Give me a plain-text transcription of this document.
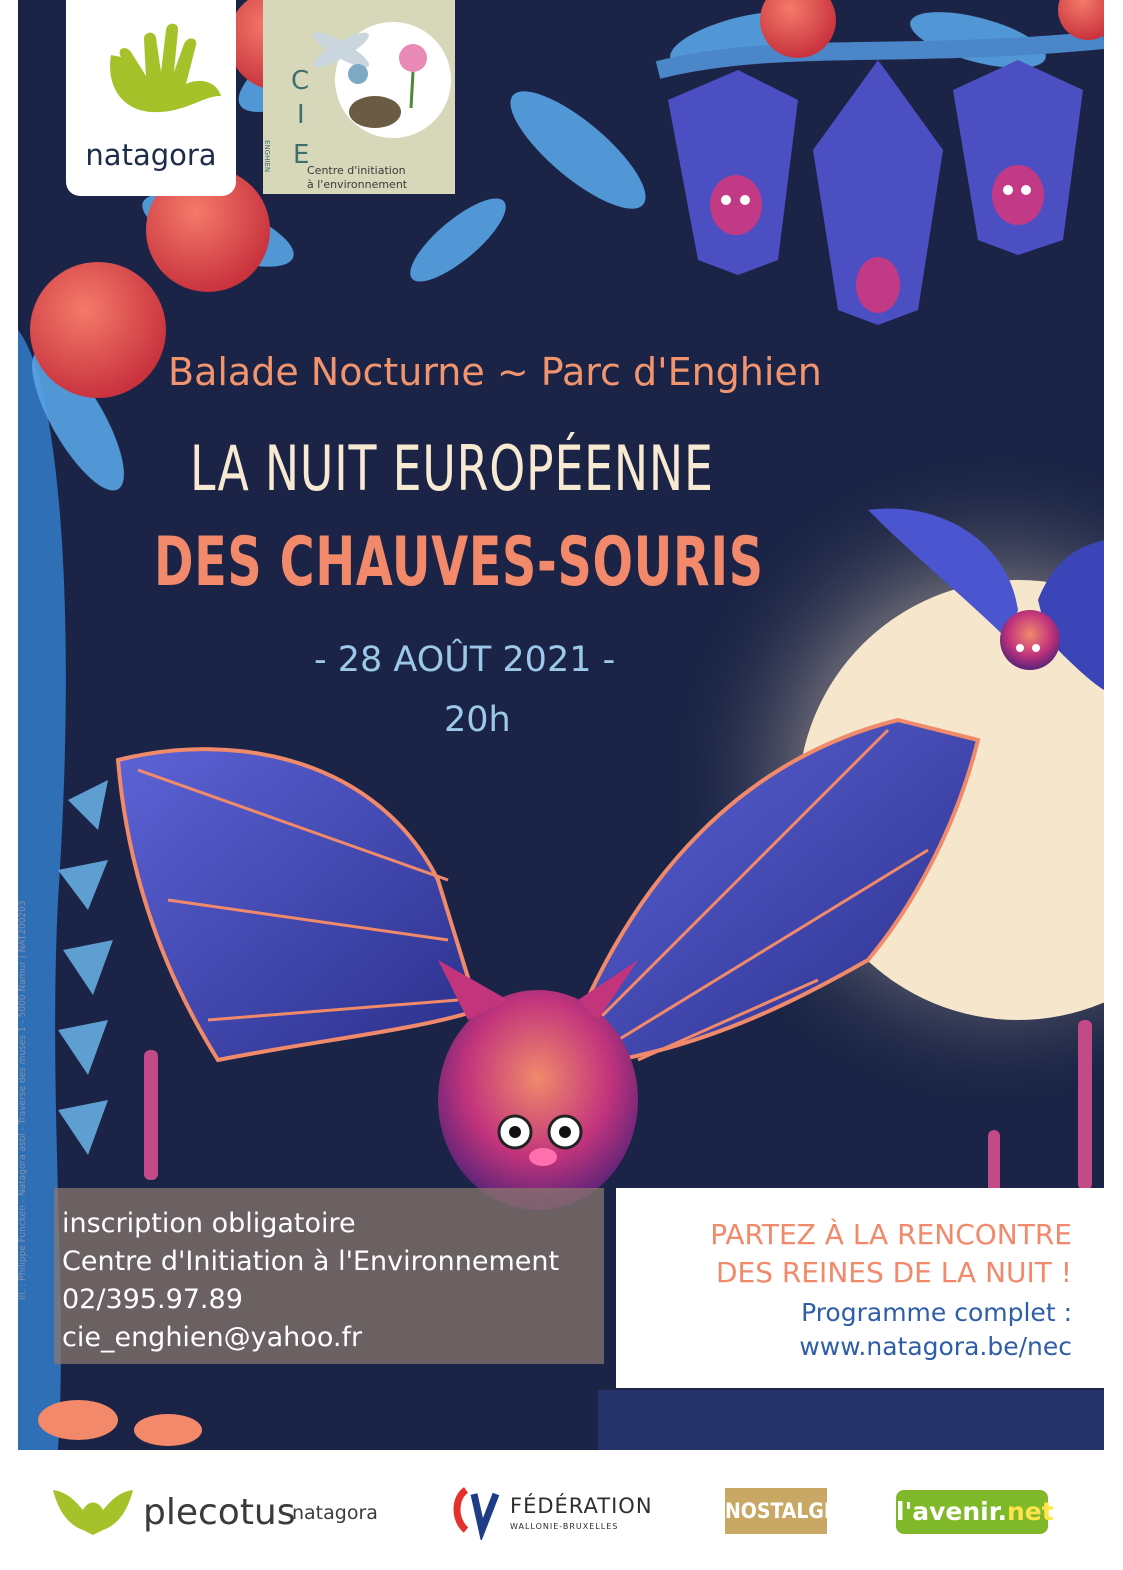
natagora
C
I
E
ENGHIEN	Centre d'initiation
à l'environnement
Balade Nocturne ~ Parc d'Enghien
LA NUIT EUROPÉENNE
DES CHAUVES-SOURIS
- 28 AOÛT 2021 -
20h
Ill. : Philippe Funcken - Natagora asbl - Traverse des muses 1 - 5000 Namur | NAT200203 inscription obligatoire
Centre d'Initiation à l'Environnement
02/395.97.89
cie_enghien@yahoo.fr
PARTEZ À LA RENCONTRE
DES REINES DE LA NUIT !
Programme complet :
www.natagora.be/nec
plecotus
natagora	FÉDÉRATION
WALLONIE-BRUXELLES
NOSTALGIE l'avenir.net
